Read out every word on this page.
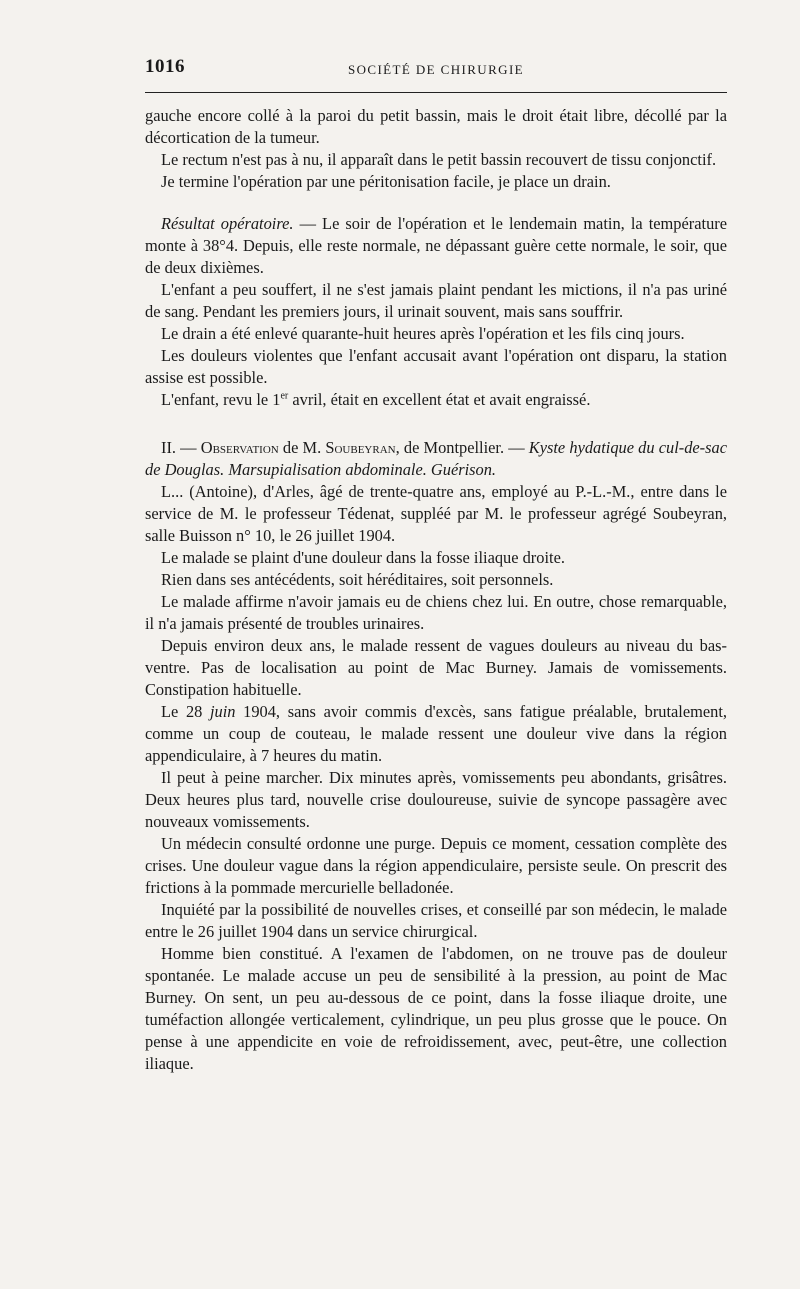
1016	SOCIÉTÉ DE CHIRURGIE

gauche encore collé à la paroi du petit bassin, mais le droit était libre, décollé par la décortication de la tumeur.

Le rectum n'est pas à nu, il apparaît dans le petit bassin recouvert de tissu conjonctif.

Je termine l'opération par une péritonisation facile, je place un drain.

Résultat opératoire. — Le soir de l'opération et le lendemain matin, la température monte à 38°4. Depuis, elle reste normale, ne dépassant guère cette normale, le soir, que de deux dixièmes.

L'enfant a peu souffert, il ne s'est jamais plaint pendant les mictions, il n'a pas uriné de sang. Pendant les premiers jours, il urinait souvent, mais sans souffrir.

Le drain a été enlevé quarante-huit heures après l'opération et les fils cinq jours.

Les douleurs violentes que l'enfant accusait avant l'opération ont disparu, la station assise est possible.

L'enfant, revu le 1er avril, était en excellent état et avait engraissé.

II. — Observation de M. Soubeyran, de Montpellier. — Kyste hydatique du cul-de-sac de Douglas. Marsupialisation abdominale. Guérison.

L... (Antoine), d'Arles, âgé de trente-quatre ans, employé au P.-L.-M., entre dans le service de M. le professeur Tédenat, suppléé par M. le professeur agrégé Soubeyran, salle Buisson n° 10, le 26 juillet 1904.

Le malade se plaint d'une douleur dans la fosse iliaque droite.

Rien dans ses antécédents, soit héréditaires, soit personnels.

Le malade affirme n'avoir jamais eu de chiens chez lui. En outre, chose remarquable, il n'a jamais présenté de troubles urinaires.

Depuis environ deux ans, le malade ressent de vagues douleurs au niveau du bas-ventre. Pas de localisation au point de Mac Burney. Jamais de vomissements. Constipation habituelle.

Le 28 juin 1904, sans avoir commis d'excès, sans fatigue préalable, brutalement, comme un coup de couteau, le malade ressent une douleur vive dans la région appendiculaire, à 7 heures du matin.

Il peut à peine marcher. Dix minutes après, vomissements peu abondants, grisâtres. Deux heures plus tard, nouvelle crise douloureuse, suivie de syncope passagère avec nouveaux vomissements.

Un médecin consulté ordonne une purge. Depuis ce moment, cessation complète des crises. Une douleur vague dans la région appendiculaire, persiste seule. On prescrit des frictions à la pommade mercurielle belladonée.

Inquiété par la possibilité de nouvelles crises, et conseillé par son médecin, le malade entre le 26 juillet 1904 dans un service chirurgical.

Homme bien constitué. A l'examen de l'abdomen, on ne trouve pas de douleur spontanée. Le malade accuse un peu de sensibilité à la pression, au point de Mac Burney. On sent, un peu au-dessous de ce point, dans la fosse iliaque droite, une tuméfaction allongée verticalement, cylindrique, un peu plus grosse que le pouce. On pense à une appendicite en voie de refroidissement, avec, peut-être, une collection iliaque.
